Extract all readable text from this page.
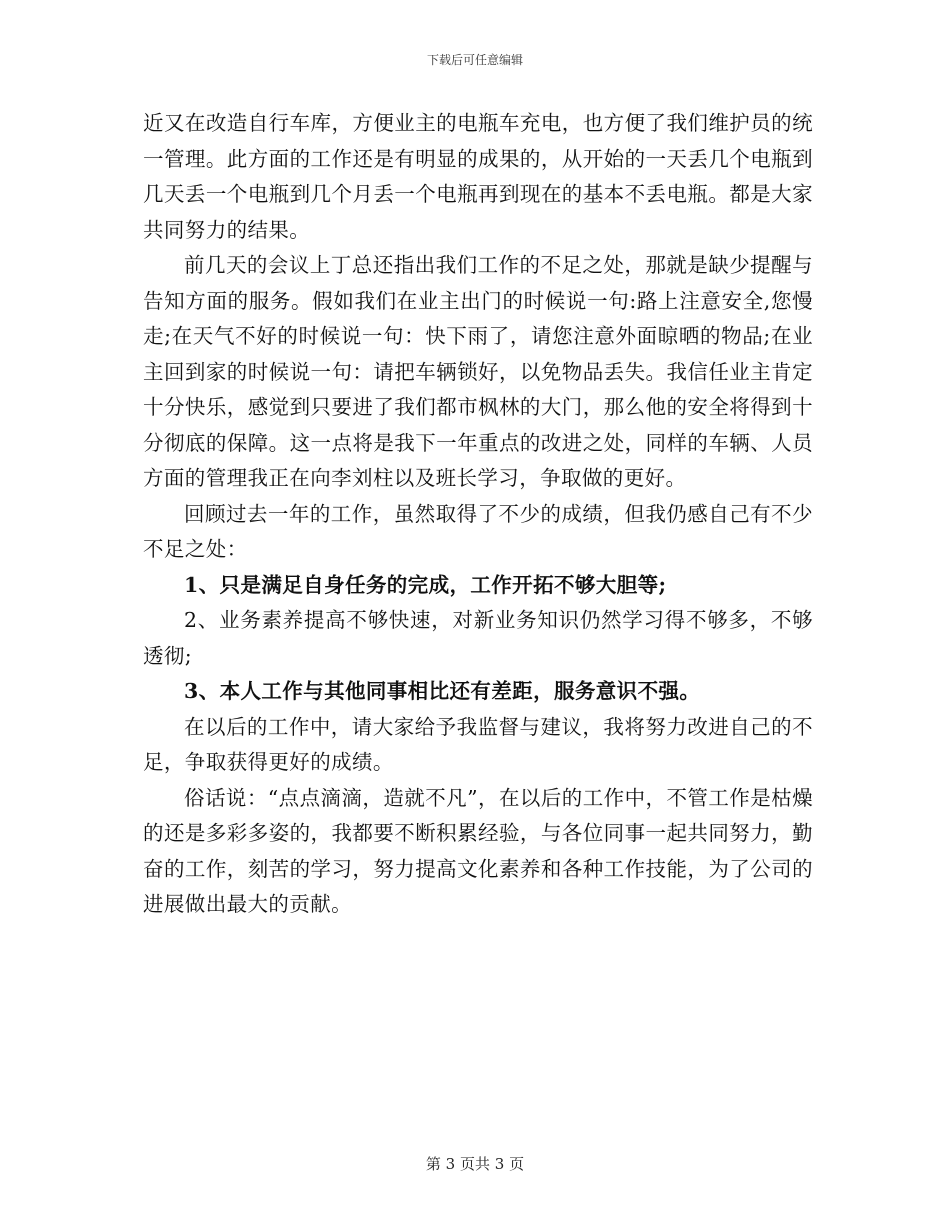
下载后可任意编辑

近又在改造自行车库，方便业主的电瓶车充电，也方便了我们维护员的统一管理。此方面的工作还是有明显的成果的，从开始的一天丢几个电瓶到几天丢一个电瓶到几个月丢一个电瓶再到现在的基本不丢电瓶。都是大家共同努力的结果。

前几天的会议上丁总还指出我们工作的不足之处，那就是缺少提醒与告知方面的服务。假如我们在业主出门的时候说一句:路上注意安全,您慢走;在天气不好的时候说一句：快下雨了，请您注意外面晾晒的物品;在业主回到家的时候说一句：请把车辆锁好，以免物品丢失。我信任业主肯定十分快乐，感觉到只要进了我们都市枫林的大门，那么他的安全将得到十分彻底的保障。这一点将是我下一年重点的改进之处，同样的车辆、人员方面的管理我正在向李刘柱以及班长学习，争取做的更好。

回顾过去一年的工作，虽然取得了不少的成绩，但我仍感自己有不少不足之处：

1、只是满足自身任务的完成，工作开拓不够大胆等;

2、业务素养提高不够快速，对新业务知识仍然学习得不够多，不够透彻;

3、本人工作与其他同事相比还有差距，服务意识不强。

在以后的工作中，请大家给予我监督与建议，我将努力改进自己的不足，争取获得更好的成绩。

俗话说：“点点滴滴，造就不凡”，在以后的工作中，不管工作是枯燥的还是多彩多姿的，我都要不断积累经验，与各位同事一起共同努力，勤奋的工作，刻苦的学习，努力提高文化素养和各种工作技能，为了公司的进展做出最大的贡献。

第 3 页共 3 页
